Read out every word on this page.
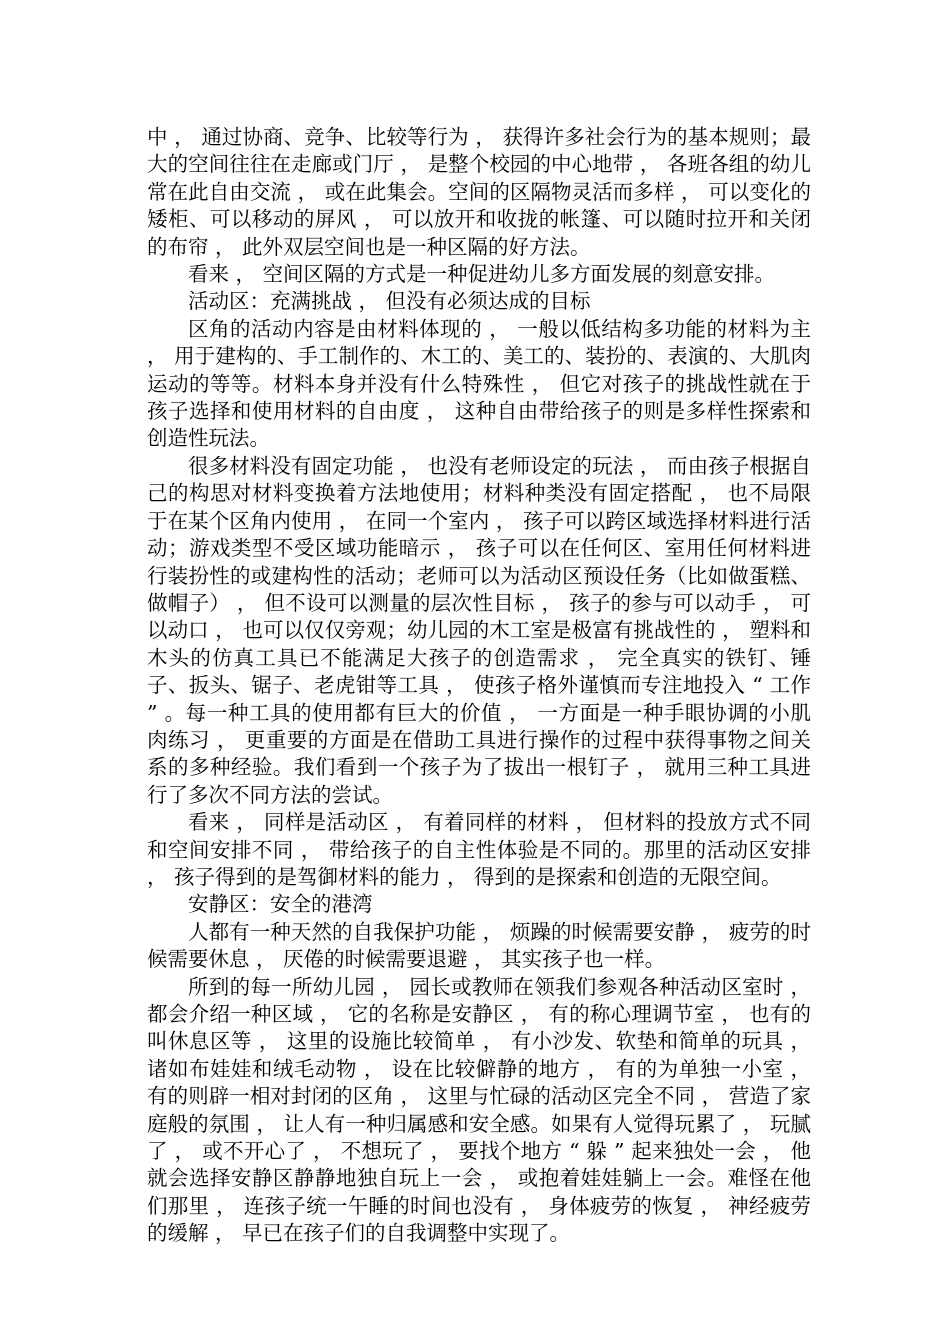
中 ， 通过协商、竞争、比较等行为 ， 获得许多社会行为的基本规则；最大的空间往往在走廊或门厅 ， 是整个校园的中心地带 ， 各班各组的幼儿常在此自由交流 ， 或在此集会。空间的区隔物灵活而多样 ， 可以变化的矮柜、可以移动的屏风 ， 可以放开和收拢的帐篷、可以随时拉开和关闭的布帘 ， 此外双层空间也是一种区隔的好方法。

看来 ， 空间区隔的方式是一种促进幼儿多方面发展的刻意安排。

活动区：充满挑战 ， 但没有必须达成的目标

区角的活动内容是由材料体现的 ， 一般以低结构多功能的材料为主 ， 用于建构的、手工制作的、木工的、美工的、装扮的、表演的、大肌肉运动的等等。材料本身并没有什么特殊性 ， 但它对孩子的挑战性就在于孩子选择和使用材料的自由度 ， 这种自由带给孩子的则是多样性探索和创造性玩法。

很多材料没有固定功能 ， 也没有老师设定的玩法 ， 而由孩子根据自己的构思对材料变换着方法地使用；材料种类没有固定搭配 ， 也不局限于在某个区角内使用 ， 在同一个室内 ， 孩子可以跨区域选择材料进行活动；游戏类型不受区域功能暗示 ， 孩子可以在任何区、室用任何材料进行装扮性的或建构性的活动；老师可以为活动区预设任务（比如做蛋糕、做帽子） ， 但不设可以测量的层次性目标 ， 孩子的参与可以动手 ， 可以动口 ， 也可以仅仅旁观；幼儿园的木工室是极富有挑战性的 ， 塑料和木头的仿真工具已不能满足大孩子的创造需求 ， 完全真实的铁钉、锤子、扳头、锯子、老虎钳等工具 ， 使孩子格外谨慎而专注地投入 “ 工作 ” 。每一种工具的使用都有巨大的价值 ， 一方面是一种手眼协调的小肌肉练习 ， 更重要的方面是在借助工具进行操作的过程中获得事物之间关系的多种经验。我们看到一个孩子为了拔出一根钉子 ， 就用三种工具进行了多次不同方法的尝试。

看来 ， 同样是活动区 ， 有着同样的材料 ， 但材料的投放方式不同和空间安排不同 ， 带给孩子的自主性体验是不同的。那里的活动区安排 ， 孩子得到的是驾御材料的能力 ， 得到的是探索和创造的无限空间。

安静区：安全的港湾

人都有一种天然的自我保护功能 ， 烦躁的时候需要安静 ， 疲劳的时候需要休息 ， 厌倦的时候需要退避 ， 其实孩子也一样。

所到的每一所幼儿园 ， 园长或教师在领我们参观各种活动区室时 ， 都会介绍一种区域 ， 它的名称是安静区 ， 有的称心理调节室 ， 也有的叫休息区等 ， 这里的设施比较简单 ， 有小沙发、软垫和简单的玩具 ， 诸如布娃娃和绒毛动物 ， 设在比较僻静的地方 ， 有的为单独一小室 ， 有的则辟一相对封闭的区角 ， 这里与忙碌的活动区完全不同 ， 营造了家庭般的氛围 ， 让人有一种归属感和安全感。如果有人觉得玩累了 ， 玩腻了 ， 或不开心了 ， 不想玩了 ， 要找个地方 “ 躲 ” 起来独处一会 ， 他就会选择安静区静静地独自玩上一会 ， 或抱着娃娃躺上一会。难怪在他们那里 ， 连孩子统一午睡的时间也没有 ， 身体疲劳的恢复 ， 神经疲劳的缓解 ， 早已在孩子们的自我调整中实现了。
